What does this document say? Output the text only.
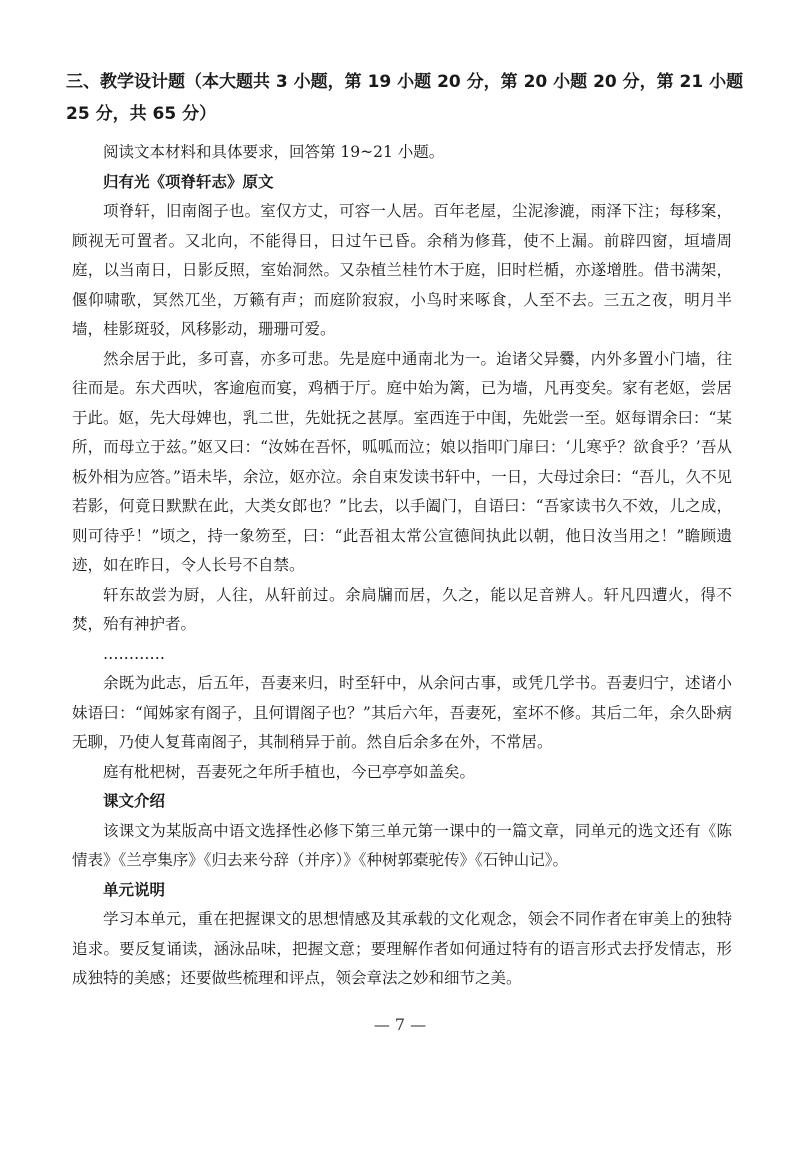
三、教学设计题（本大题共 3 小题，第 19 小题 20 分，第 20 小题 20 分，第 21 小题 25 分，共 65 分）

阅读文本材料和具体要求，回答第 19~21 小题。

归有光《项脊轩志》原文

项脊轩，旧南阁子也。室仅方丈，可容一人居。百年老屋，尘泥渗漉，雨泽下注；每移案，顾视无可置者。又北向，不能得日，日过午已昏。余稍为修葺，使不上漏。前辟四窗，垣墙周庭，以当南日，日影反照，室始洞然。又杂植兰桂竹木于庭，旧时栏楯，亦遂增胜。借书满架，偃仰啸歌，冥然兀坐，万籁有声；而庭阶寂寂，小鸟时来啄食，人至不去。三五之夜，明月半墙，桂影斑驳，风移影动，珊珊可爱。

然余居于此，多可喜，亦多可悲。先是庭中通南北为一。迨诸父异爨，内外多置小门墙，往往而是。东犬西吠，客逾庖而宴，鸡栖于厅。庭中始为篱，已为墙，凡再变矣。家有老妪，尝居于此。妪，先大母婢也，乳二世，先妣抚之甚厚。室西连于中闺，先妣尝一至。妪每谓余曰：“某所，而母立于兹。”妪又曰：“汝姊在吾怀，呱呱而泣；娘以指叩门扉曰：‘儿寒乎？欲食乎？’吾从板外相为应答。”语未毕，余泣，妪亦泣。余自束发读书轩中，一日，大母过余曰：“吾儿，久不见若影，何竟日默默在此，大类女郎也？”比去，以手阖门，自语曰：“吾家读书久不效，儿之成，则可待乎！”顷之，持一象笏至，曰：“此吾祖太常公宣德间执此以朝，他日汝当用之！”瞻顾遗迹，如在昨日，令人长号不自禁。

轩东故尝为厨，人往，从轩前过。余扃牖而居，久之，能以足音辨人。轩凡四遭火，得不焚，殆有神护者。

…………

余既为此志，后五年，吾妻来归，时至轩中，从余问古事，或凭几学书。吾妻归宁，述诸小妹语曰：“闻姊家有阁子，且何谓阁子也？”其后六年，吾妻死，室坏不修。其后二年，余久卧病无聊，乃使人复葺南阁子，其制稍异于前。然自后余多在外，不常居。

庭有枇杷树，吾妻死之年所手植也，今已亭亭如盖矣。

课文介绍

该课文为某版高中语文选择性必修下第三单元第一课中的一篇文章，同单元的选文还有《陈情表》《兰亭集序》《归去来兮辞（并序）》《种树郭橐驼传》《石钟山记》。

单元说明

学习本单元，重在把握课文的思想情感及其承载的文化观念，领会不同作者在审美上的独特追求。要反复诵读，涵泳品味，把握文意；要理解作者如何通过特有的语言形式去抒发情志，形成独特的美感；还要做些梳理和评点，领会章法之妙和细节之美。

— 7 —
